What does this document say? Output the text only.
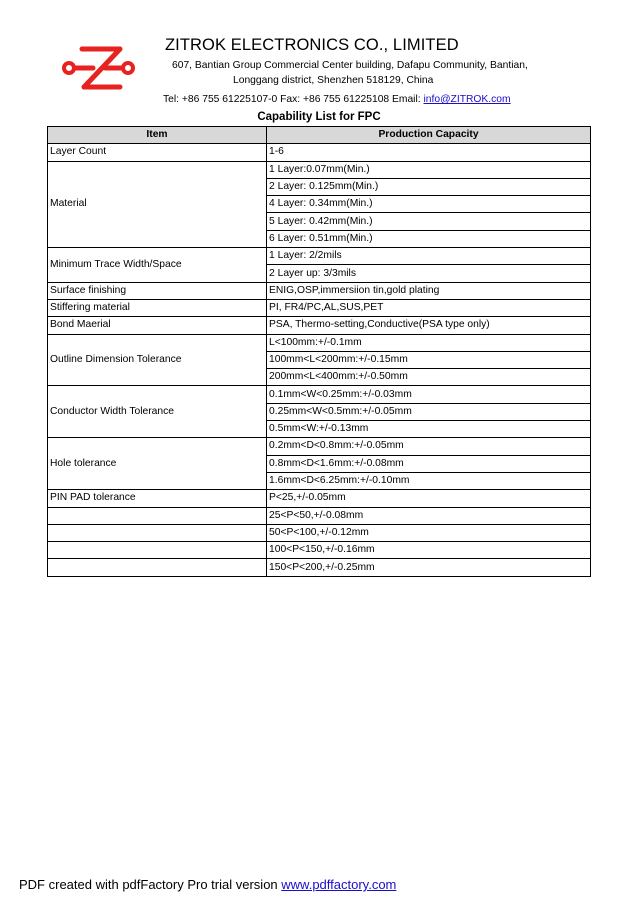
ZITROK ELECTRONICS CO., LIMITED
607, Bantian Group Commercial Center building, Dafapu Community, Bantian,
Longgang district, Shenzhen 518129, China
Tel: +86 755 61225107-0 Fax: +86 755 61225108 Email: info@ZITROK.com
Capability List for FPC
Item	Production Capacity
Layer Count	1-6
Material	1 Layer:0.07mm(Min.)
	2 Layer: 0.125mm(Min.)
	4 Layer: 0.34mm(Min.)
	5 Layer: 0.42mm(Min.)
	6 Layer: 0.51mm(Min.)
Minimum Trace Width/Space	1 Layer: 2/2mils
	2 Layer up: 3/3mils
Surface finishing	ENIG,OSP,immersiion tin,gold plating
Stiffering material	PI, FR4/PC,AL,SUS,PET
Bond Maerial	PSA, Thermo-setting,Conductive(PSA type only)
Outline Dimension Tolerance	L<100mm:+/-0.1mm
	100mm<L<200mm:+/-0.15mm
	200mm<L<400mm:+/-0.50mm
Conductor Width Tolerance	0.1mm<W<0.25mm:+/-0.03mm
	0.25mm<W<0.5mm:+/-0.05mm
	0.5mm<W:+/-0.13mm
Hole tolerance	0.2mm<D<0.8mm:+/-0.05mm
	0.8mm<D<1.6mm:+/-0.08mm
	1.6mm<D<6.25mm:+/-0.10mm
PIN PAD tolerance	P<25,+/-0.05mm
	25<P<50,+/-0.08mm
	50<P<100,+/-0.12mm
	100<P<150,+/-0.16mm
	150<P<200,+/-0.25mm
PDF created with pdfFactory Pro trial version www.pdffactory.com
